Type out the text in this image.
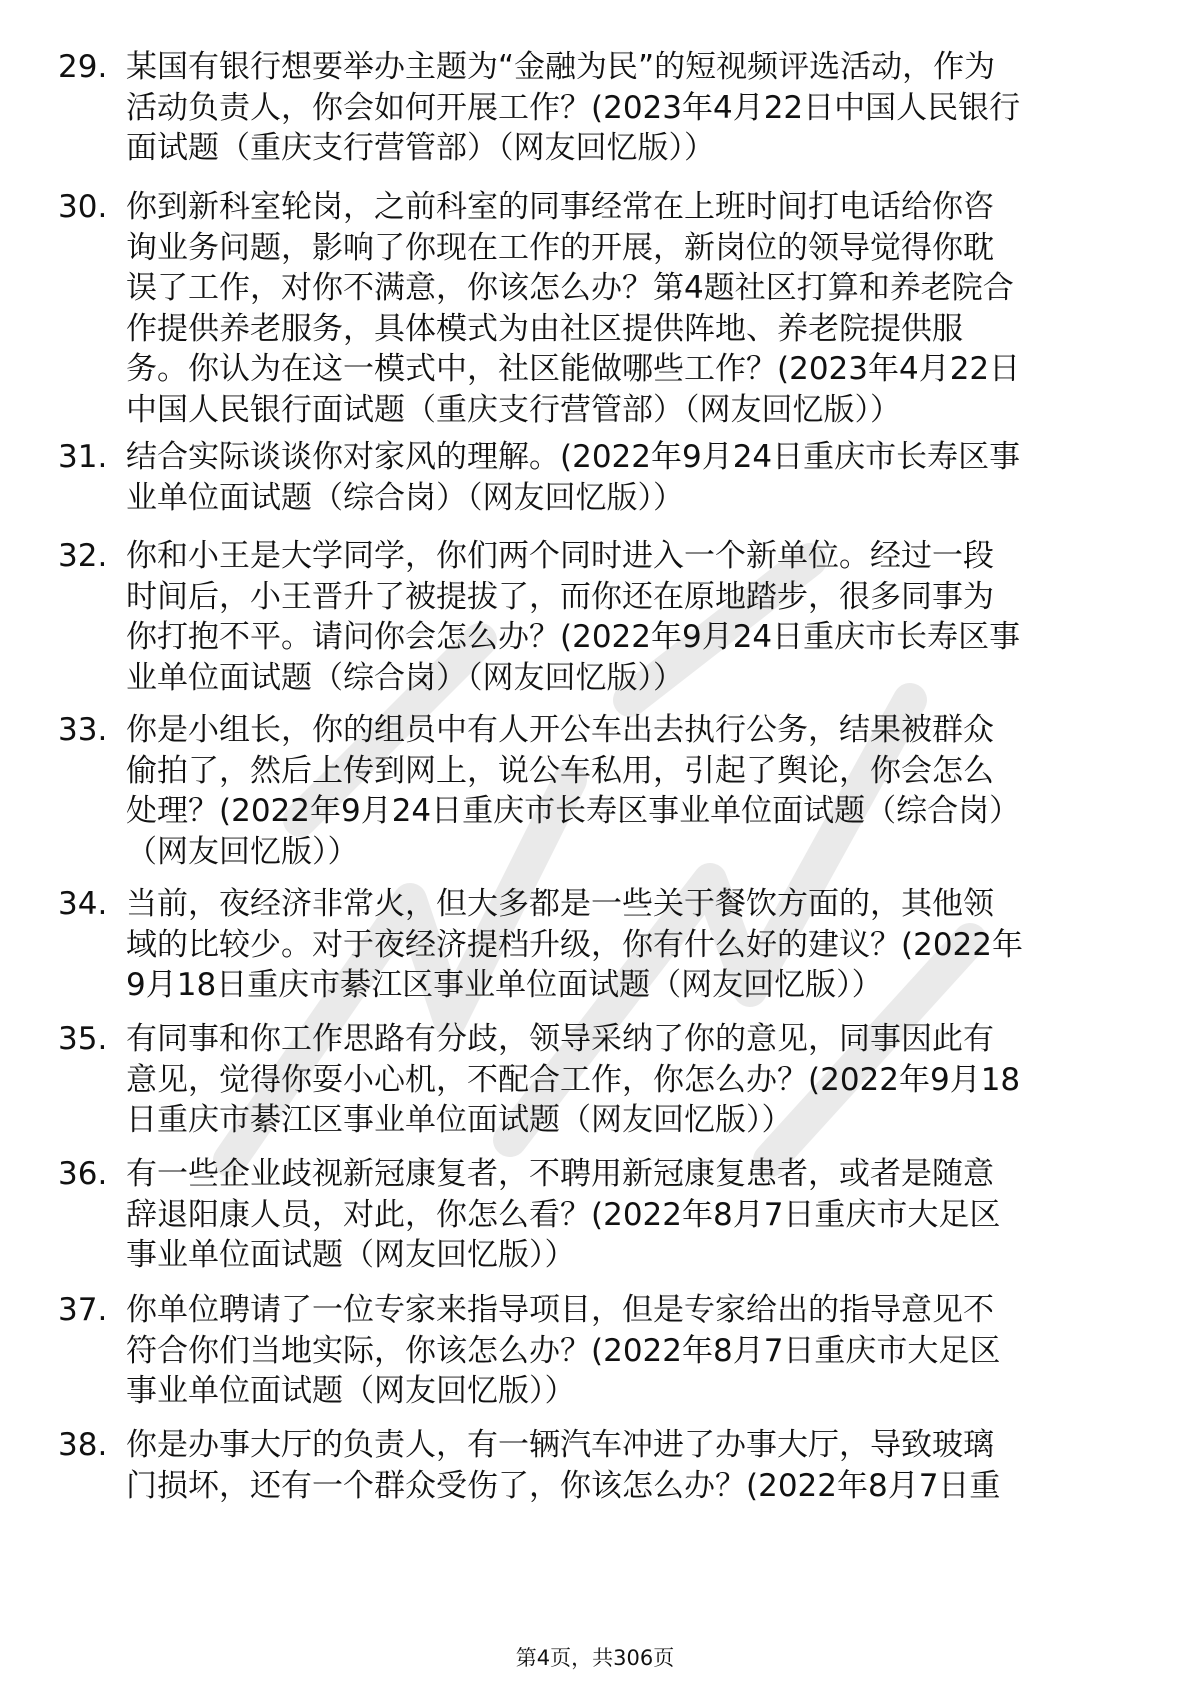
29. 某国有银行想要举办主题为“金融为民”的短视频评选活动，作为
活动负责人，你会如何开展工作？(2023年4月22日中国人民银行
面试题（重庆支行营管部）（网友回忆版））
30. 你到新科室轮岗，之前科室的同事经常在上班时间打电话给你咨
询业务问题，影响了你现在工作的开展，新岗位的领导觉得你耽
误了工作，对你不满意，你该怎么办？第4题社区打算和养老院合
作提供养老服务，具体模式为由社区提供阵地、养老院提供服
务。你认为在这一模式中，社区能做哪些工作？(2023年4月22日
中国人民银行面试题（重庆支行营管部）（网友回忆版））
31. 结合实际谈谈你对家风的理解。(2022年9月24日重庆市长寿区事
业单位面试题（综合岗）（网友回忆版））
32. 你和小王是大学同学，你们两个同时进入一个新单位。经过一段
时间后，小王晋升了被提拔了，而你还在原地踏步，很多同事为
你打抱不平。请问你会怎么办？(2022年9月24日重庆市长寿区事
业单位面试题（综合岗）（网友回忆版））
33. 你是小组长，你的组员中有人开公车出去执行公务，结果被群众
偷拍了，然后上传到网上，说公车私用，引起了舆论，你会怎么
处理？(2022年9月24日重庆市长寿区事业单位面试题（综合岗）
（网友回忆版））
34. 当前，夜经济非常火，但大多都是一些关于餐饮方面的，其他领
域的比较少。对于夜经济提档升级，你有什么好的建议？(2022年
9月18日重庆市綦江区事业单位面试题（网友回忆版））
35. 有同事和你工作思路有分歧，领导采纳了你的意见，同事因此有
意见，觉得你耍小心机，不配合工作，你怎么办？(2022年9月18
日重庆市綦江区事业单位面试题（网友回忆版））
36. 有一些企业歧视新冠康复者，不聘用新冠康复患者，或者是随意
辞退阳康人员，对此，你怎么看？(2022年8月7日重庆市大足区
事业单位面试题（网友回忆版））
37. 你单位聘请了一位专家来指导项目，但是专家给出的指导意见不
符合你们当地实际，你该怎么办？(2022年8月7日重庆市大足区
事业单位面试题（网友回忆版））
38. 你是办事大厅的负责人，有一辆汽车冲进了办事大厅，导致玻璃
门损坏，还有一个群众受伤了，你该怎么办？(2022年8月7日重
第4页，共306页
